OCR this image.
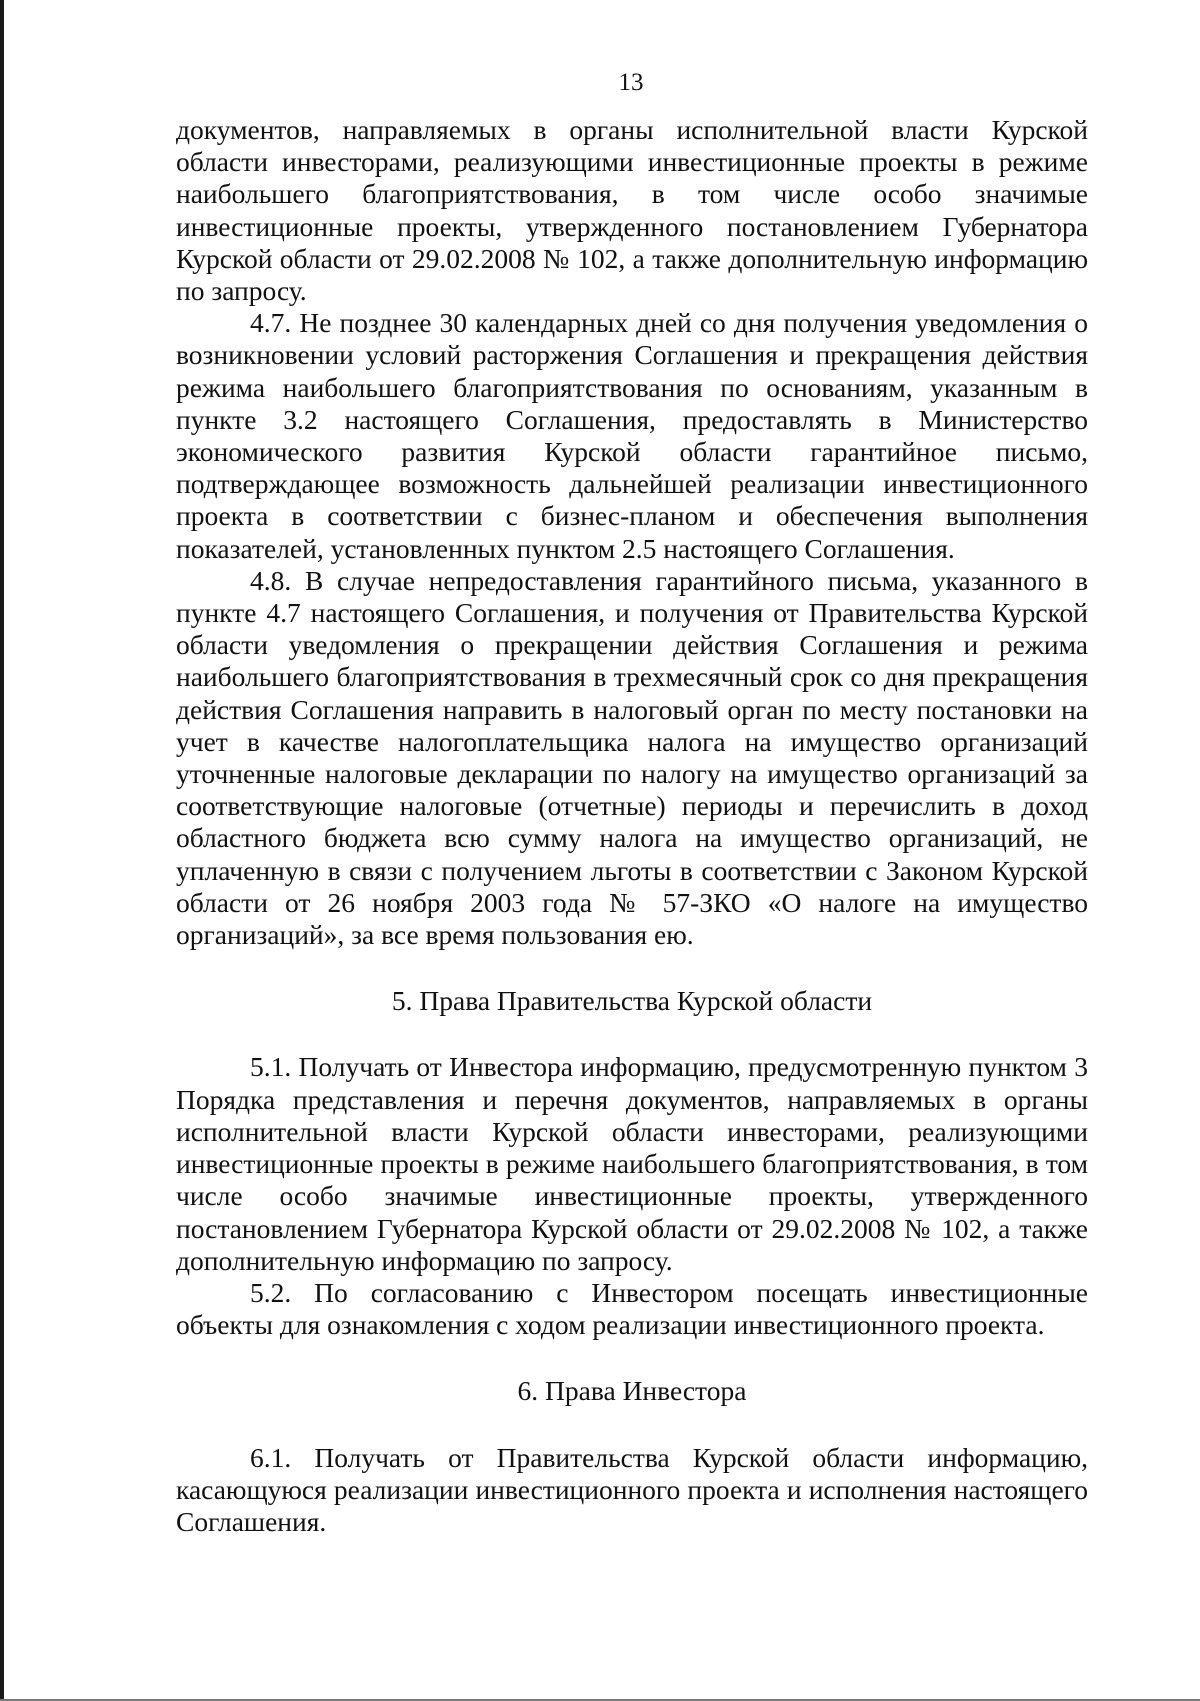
13

документов, направляемых в органы исполнительной власти Курской области инвесторами, реализующими инвестиционные проекты в режиме наибольшего благоприятствования, в том числе особо значимые инвестиционные проекты, утвержденного постановлением Губернатора Курской области от 29.02.2008 № 102, а также дополнительную информацию по запросу.

4.7. Не позднее 30 календарных дней со дня получения уведомления о возникновении условий расторжения Соглашения и прекращения действия режима наибольшего благоприятствования по основаниям, указанным в пункте 3.2 настоящего Соглашения, предоставлять в Министерство экономического развития Курской области гарантийное письмо, подтверждающее возможность дальнейшей реализации инвестиционного проекта в соответствии с бизнес-планом и обеспечения выполнения показателей, установленных пунктом 2.5 настоящего Соглашения.

4.8. В случае непредоставления гарантийного письма, указанного в пункте 4.7 настоящего Соглашения, и получения от Правительства Курской области уведомления о прекращении действия Соглашения и режима наибольшего благоприятствования в трехмесячный срок со дня прекращения действия Соглашения направить в налоговый орган по месту постановки на учет в качестве налогоплательщика налога на имущество организаций уточненные налоговые декларации по налогу на имущество организаций за соответствующие налоговые (отчетные) периоды и перечислить в доход областного бюджета всю сумму налога на имущество организаций, не уплаченную в связи с получением льготы в соответствии с Законом Курской области от 26 ноября 2003 года № 57-ЗКО «О налоге на имущество организаций», за все время пользования ею.

5. Права Правительства Курской области

5.1. Получать от Инвестора информацию, предусмотренную пунктом 3 Порядка представления и перечня документов, направляемых в органы исполнительной власти Курской области инвесторами, реализующими инвестиционные проекты в режиме наибольшего благоприятствования, в том числе особо значимые инвестиционные проекты, утвержденного постановлением Губернатора Курской области от 29.02.2008 № 102, а также дополнительную информацию по запросу.

5.2. По согласованию с Инвестором посещать инвестиционные объекты для ознакомления с ходом реализации инвестиционного проекта.

6. Права Инвестора

6.1. Получать от Правительства Курской области информацию, касающуюся реализации инвестиционного проекта и исполнения настоящего Соглашения.
